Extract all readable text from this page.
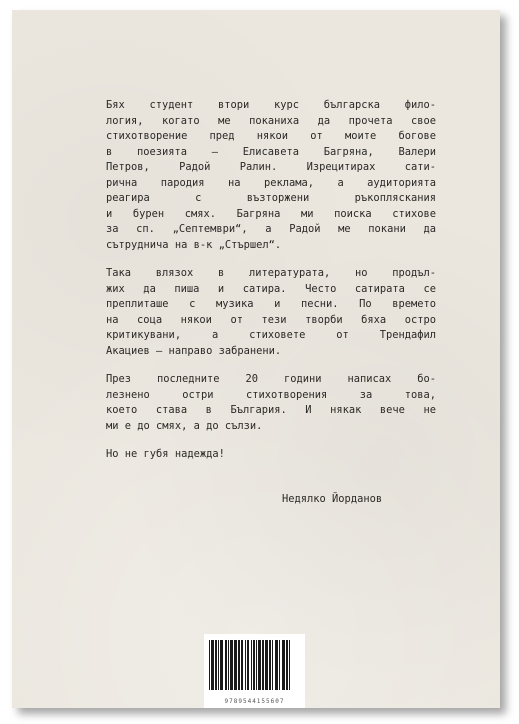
Бях студент втори курс българска фило-
логия, когато ме поканиха да прочета свое
стихотворение пред някои от моите богове
в поезията – Елисавета Багряна, Валери
Петров, Радой Ралин. Изрецитирах сати-
рична пародия на реклама, а аудиторията
реагира с възторжени ръкопляскания
и бурен смях. Багряна ми поиска стихове
за сп. „Септември“, а Радой ме покани да
сътруднича на в-к „Стършел“.
Така влязох в литературата, но продъл-
жих да пиша и сатира. Често сатирата се
преплиташе с музика и песни. По времето
на соца някои от тези творби бяха остро
критикувани, а стиховете от Трендафил
Акациев — направо забранени.
През последните 20 години написах бо-
лезнено остри стихотворения за това,
което става в България. И някак вече не
ми е до смях, а до сълзи.
Но не губя надежда!
Недялко Йорданов
9789544155607
